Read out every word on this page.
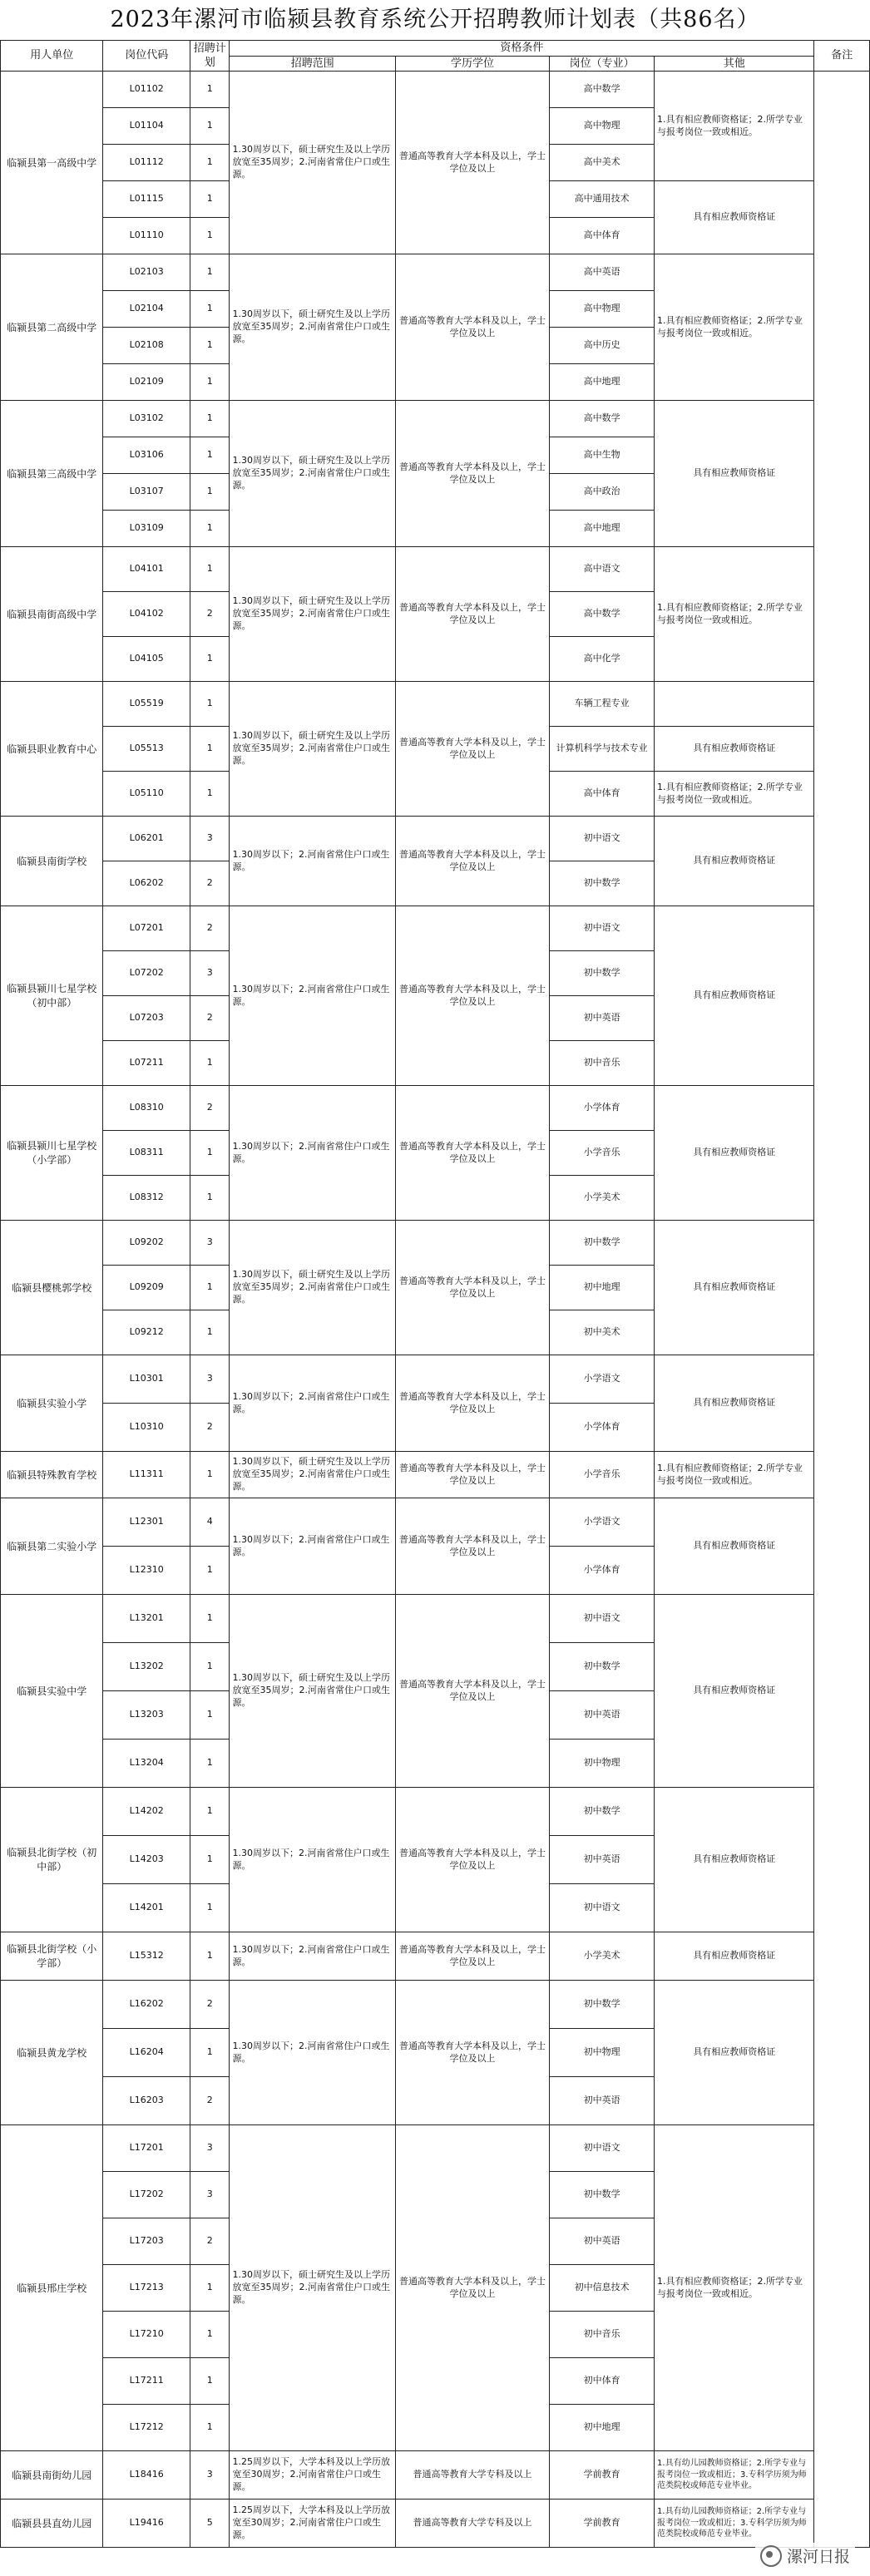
2023年漯河市临颍县教育系统公开招聘教师计划表（共86名）
用人单位	岗位代码	招聘计划	资格条件				备注
			招聘范围	学历学位	岗位（专业）	其他	
临颍县第一高级中学	L01102	1	1.30周岁以下，硕士研究生及以上学历放宽至35周岁；2.河南省常住户口或生源。	普通高等教育大学本科及以上，学士学位及以上	高中数学	1.具有相应教师资格证；2.所学专业与报考岗位一致或相近。	
	L01104	1			高中物理		
	L01112	1			高中美术		
	L01115	1			高中通用技术	具有相应教师资格证	
	L01110	1			高中体育		
临颍县第二高级中学	L02103	1	1.30周岁以下，硕士研究生及以上学历放宽至35周岁；2.河南省常住户口或生源。	普通高等教育大学本科及以上，学士学位及以上	高中英语	1.具有相应教师资格证；2.所学专业与报考岗位一致或相近。	
	L02104	1			高中物理		
	L02108	1			高中历史		
	L02109	1			高中地理		
临颍县第三高级中学	L03102	1	1.30周岁以下，硕士研究生及以上学历放宽至35周岁；2.河南省常住户口或生源。	普通高等教育大学本科及以上，学士学位及以上	高中数学	具有相应教师资格证	
	L03106	1			高中生物		
	L03107	1			高中政治		
	L03109	1			高中地理		
临颍县南街高级中学	L04101	1	1.30周岁以下，硕士研究生及以上学历放宽至35周岁；2.河南省常住户口或生源。	普通高等教育大学本科及以上，学士学位及以上	高中语文	1.具有相应教师资格证；2.所学专业与报考岗位一致或相近。	
	L04102	2			高中数学		
	L04105	1			高中化学		
临颍县职业教育中心	L05519	1	1.30周岁以下，硕士研究生及以上学历放宽至35周岁；2.河南省常住户口或生源。	普通高等教育大学本科及以上，学士学位及以上	车辆工程专业		
	L05513	1			计算机科学与技术专业	具有相应教师资格证	
	L05110	1			高中体育	1.具有相应教师资格证；2.所学专业与报考岗位一致或相近。	
临颍县南街学校	L06201	3	1.30周岁以下；2.河南省常住户口或生源。	普通高等教育大学本科及以上，学士学位及以上	初中语文	具有相应教师资格证	
	L06202	2			初中数学		
临颍县颍川七星学校（初中部）	L07201	2	1.30周岁以下；2.河南省常住户口或生源。	普通高等教育大学本科及以上，学士学位及以上	初中语文	具有相应教师资格证	
	L07202	3			初中数学		
	L07203	2			初中英语		
	L07211	1			初中音乐		
临颍县颍川七星学校（小学部）	L08310	2	1.30周岁以下；2.河南省常住户口或生源。	普通高等教育大学本科及以上，学士学位及以上	小学体育	具有相应教师资格证	
	L08311	1			小学音乐		
	L08312	1			小学美术		
临颍县樱桃郭学校	L09202	3	1.30周岁以下，硕士研究生及以上学历放宽至35周岁；2.河南省常住户口或生源。	普通高等教育大学本科及以上，学士学位及以上	初中数学	具有相应教师资格证	
	L09209	1			初中地理		
	L09212	1			初中美术		
临颍县实验小学	L10301	3	1.30周岁以下；2.河南省常住户口或生源。	普通高等教育大学本科及以上，学士学位及以上	小学语文	具有相应教师资格证	
	L10310	2			小学体育		
临颍县特殊教育学校	L11311	1	1.30周岁以下，硕士研究生及以上学历放宽至35周岁；2.河南省常住户口或生源。	普通高等教育大学本科及以上，学士学位及以上	小学音乐	1.具有相应教师资格证；2.所学专业与报考岗位一致或相近。	
临颍县第二实验小学	L12301	4	1.30周岁以下；2.河南省常住户口或生源。	普通高等教育大学本科及以上，学士学位及以上	小学语文	具有相应教师资格证	
	L12310	1			小学体育		
临颍县实验中学	L13201	1	1.30周岁以下，硕士研究生及以上学历放宽至35周岁；2.河南省常住户口或生源。	普通高等教育大学本科及以上，学士学位及以上	初中语文	具有相应教师资格证	
	L13202	1			初中数学		
	L13203	1			初中英语		
	L13204	1			初中物理		
临颍县北街学校（初中部）	L14202	1	1.30周岁以下；2.河南省常住户口或生源。	普通高等教育大学本科及以上，学士学位及以上	初中数学	具有相应教师资格证	
	L14203	1			初中英语		
	L14201	1			初中语文		
临颍县北街学校（小学部）	L15312	1	1.30周岁以下；2.河南省常住户口或生源。	普通高等教育大学本科及以上，学士学位及以上	小学美术	具有相应教师资格证	
临颍县黄龙学校	L16202	2	1.30周岁以下；2.河南省常住户口或生源。	普通高等教育大学本科及以上，学士学位及以上	初中数学	具有相应教师资格证	
	L16204	1			初中物理		
	L16203	2			初中英语		
临颍县邢庄学校	L17201	3	1.30周岁以下，硕士研究生及以上学历放宽至35周岁；2.河南省常住户口或生源。	普通高等教育大学本科及以上，学士学位及以上	初中语文	1.具有相应教师资格证；2.所学专业与报考岗位一致或相近。	
	L17202	3			初中数学		
	L17203	2			初中英语		
	L17213	1			初中信息技术		
	L17210	1			初中音乐		
	L17211	1			初中体育		
	L17212	1			初中地理		
临颍县南街幼儿园	L18416	3	1.25周岁以下，大学本科及以上学历放宽至30周岁；2.河南省常住户口或生源。	普通高等教育大学专科及以上	学前教育	1.具有幼儿园教师资格证；2.所学专业与报考岗位一致或相近；3.专科学历须为师范类院校或师范专业毕业。	
临颍县县直幼儿园	L19416	5	1.25周岁以下，大学本科及以上学历放宽至30周岁；2.河南省常住户口或生源。	普通高等教育大学专科及以上	学前教育	1.具有幼儿园教师资格证；2.所学专业与报考岗位一致或相近；3.专科学历须为师范类院校或师范专业毕业。	
漯河日报
